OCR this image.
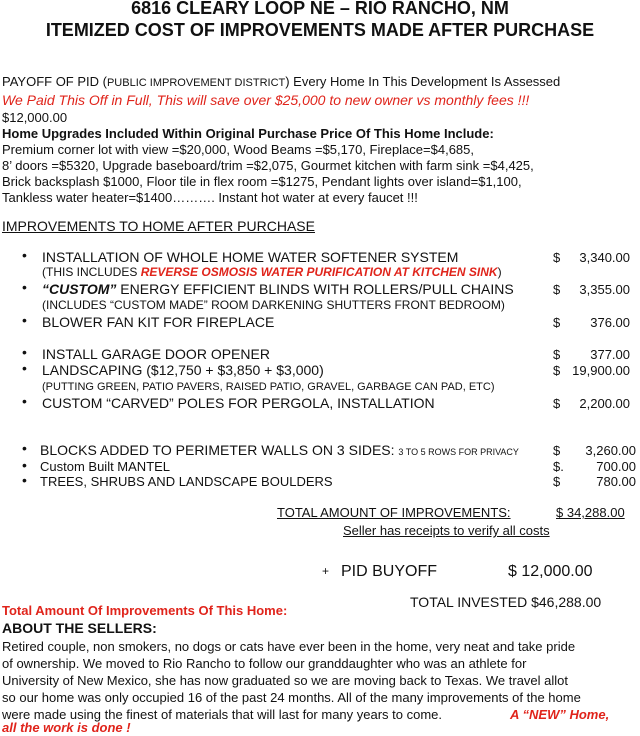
6816 CLEARY LOOP NE – RIO RANCHO, NM
ITEMIZED COST OF IMPROVEMENTS MADE AFTER PURCHASE
PAYOFF OF PID (PUBLIC IMPROVEMENT DISTRICT) Every Home In This Development Is Assessed
We Paid This Off in Full, This will save over $25,000 to new owner vs monthly fees !!!
$12,000.00
Home Upgrades Included Within Original Purchase Price Of This Home Include:
Premium corner lot with view =$20,000, Wood Beams =$5,170, Fireplace=$4,685,
8’ doors =$5320, Upgrade baseboard/trim =$2,075, Gourmet kitchen with farm sink =$4,425,
Brick backsplash $1000, Floor tile in flex room =$1275, Pendant lights over island=$1,100,
Tankless water heater=$1400………. Instant hot water at every faucet !!!
IMPROVEMENTS TO HOME AFTER PURCHASE
• INSTALLATION OF WHOLE HOME WATER SOFTENER SYSTEM	$	3,340.00
(THIS INCLUDES REVERSE OSMOSIS WATER PURIFICATION AT KITCHEN SINK)
• “CUSTOM” ENERGY EFFICIENT BLINDS WITH ROLLERS/PULL CHAINS	$	3,355.00
(INCLUDES “CUSTOM MADE” ROOM DARKENING SHUTTERS FRONT BEDROOM)
• BLOWER FAN KIT FOR FIREPLACE	$	376.00
• INSTALL GARAGE DOOR OPENER	$	377.00
• LANDSCAPING ($12,750 + $3,850 + $3,000)	$ 19,900.00
(PUTTING GREEN, PATIO PAVERS, RAISED PATIO, GRAVEL, GARBAGE CAN PAD, ETC)
• CUSTOM “CARVED” POLES FOR PERGOLA, INSTALLATION	$	2,200.00
• BLOCKS ADDED TO PERIMETER WALLS ON 3 SIDES: 3 TO 5 ROWS FOR PRIVACY	$	3,260.00
• Custom Built MANTEL	$.	700.00
• TREES, SHRUBS AND LANDSCAPE BOULDERS	$	780.00
TOTAL AMOUNT OF IMPROVEMENTS:	$ 34,288.00
Seller has receipts to verify all costs
+ PID BUYOFF	$ 12,000.00
TOTAL INVESTED $46,288.00
Total Amount Of Improvements Of This Home:
ABOUT THE SELLERS:
Retired couple, non smokers, no dogs or cats have ever been in the home, very neat and take pride
of ownership. We moved to Rio Rancho to follow our granddaughter who was an athlete for
University of New Mexico, she has now graduated so we are moving back to Texas. We travel allot
so our home was only occupied 16 of the past 24 months. All of the many improvements of the home
were made using the finest of materials that will last for many years to come.	A “NEW” Home,
all the work is done !
